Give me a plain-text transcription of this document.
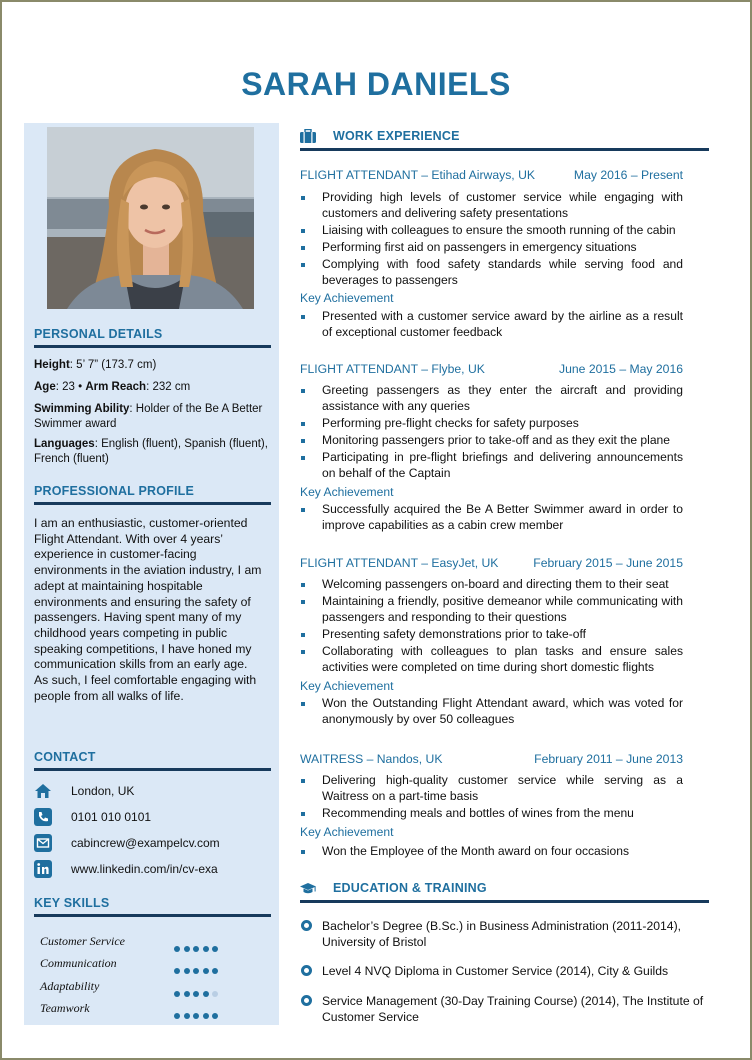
SARAH DANIELS
PERSONAL DETAILS
Height: 5’ 7” (173.7 cm)
Age: 23 • Arm Reach: 232 cm
Swimming Ability: Holder of the Be A Better Swimmer award
Languages: English (fluent), Spanish (fluent), French (fluent)
PROFESSIONAL PROFILE
I am an enthusiastic, customer-oriented Flight Attendant. With over 4 years’ experience in customer-facing environments in the aviation industry, I am adept at maintaining hospitable environments and ensuring the safety of passengers. Having spent many of my childhood years competing in public speaking competitions, I have honed my communication skills from an early age. As such, I feel comfortable engaging with people from all walks of life.
CONTACT
London, UK
0101 010 0101
cabincrew@exampelcv.com
www.linkedin.com/in/cv-exa
KEY SKILLS
Customer Service
Communication
Adaptability
Teamwork
WORK EXPERIENCE
FLIGHT ATTENDANT – Etihad Airways, UK	May 2016 – Present
Providing high levels of customer service while engaging with customers and delivering safety presentations
Liaising with colleagues to ensure the smooth running of the cabin
Performing first aid on passengers in emergency situations
Complying with food safety standards while serving food and beverages to passengers
Key Achievement
Presented with a customer service award by the airline as a result of exceptional customer feedback
FLIGHT ATTENDANT – Flybe, UK	June 2015 – May 2016
Greeting passengers as they enter the aircraft and providing assistance with any queries
Performing pre-flight checks for safety purposes
Monitoring passengers prior to take-off and as they exit the plane
Participating in pre-flight briefings and delivering announcements on behalf of the Captain
Key Achievement
Successfully acquired the Be A Better Swimmer award in order to improve capabilities as a cabin crew member
FLIGHT ATTENDANT – EasyJet, UK	February 2015 – June 2015
Welcoming passengers on-board and directing them to their seat
Maintaining a friendly, positive demeanor while communicating with passengers and responding to their questions
Presenting safety demonstrations prior to take-off
Collaborating with colleagues to plan tasks and ensure sales activities were completed on time during short domestic flights
Key Achievement
Won the Outstanding Flight Attendant award, which was voted for anonymously by over 50 colleagues
WAITRESS – Nandos, UK	February 2011 – June 2013
Delivering high-quality customer service while serving as a Waitress on a part-time basis
Recommending meals and bottles of wines from the menu
Key Achievement
Won the Employee of the Month award on four occasions
EDUCATION & TRAINING
Bachelor’s Degree (B.Sc.) in Business Administration (2011-2014), University of Bristol
Level 4 NVQ Diploma in Customer Service (2014), City & Guilds
Service Management (30-Day Training Course) (2014), The Institute of Customer Service
